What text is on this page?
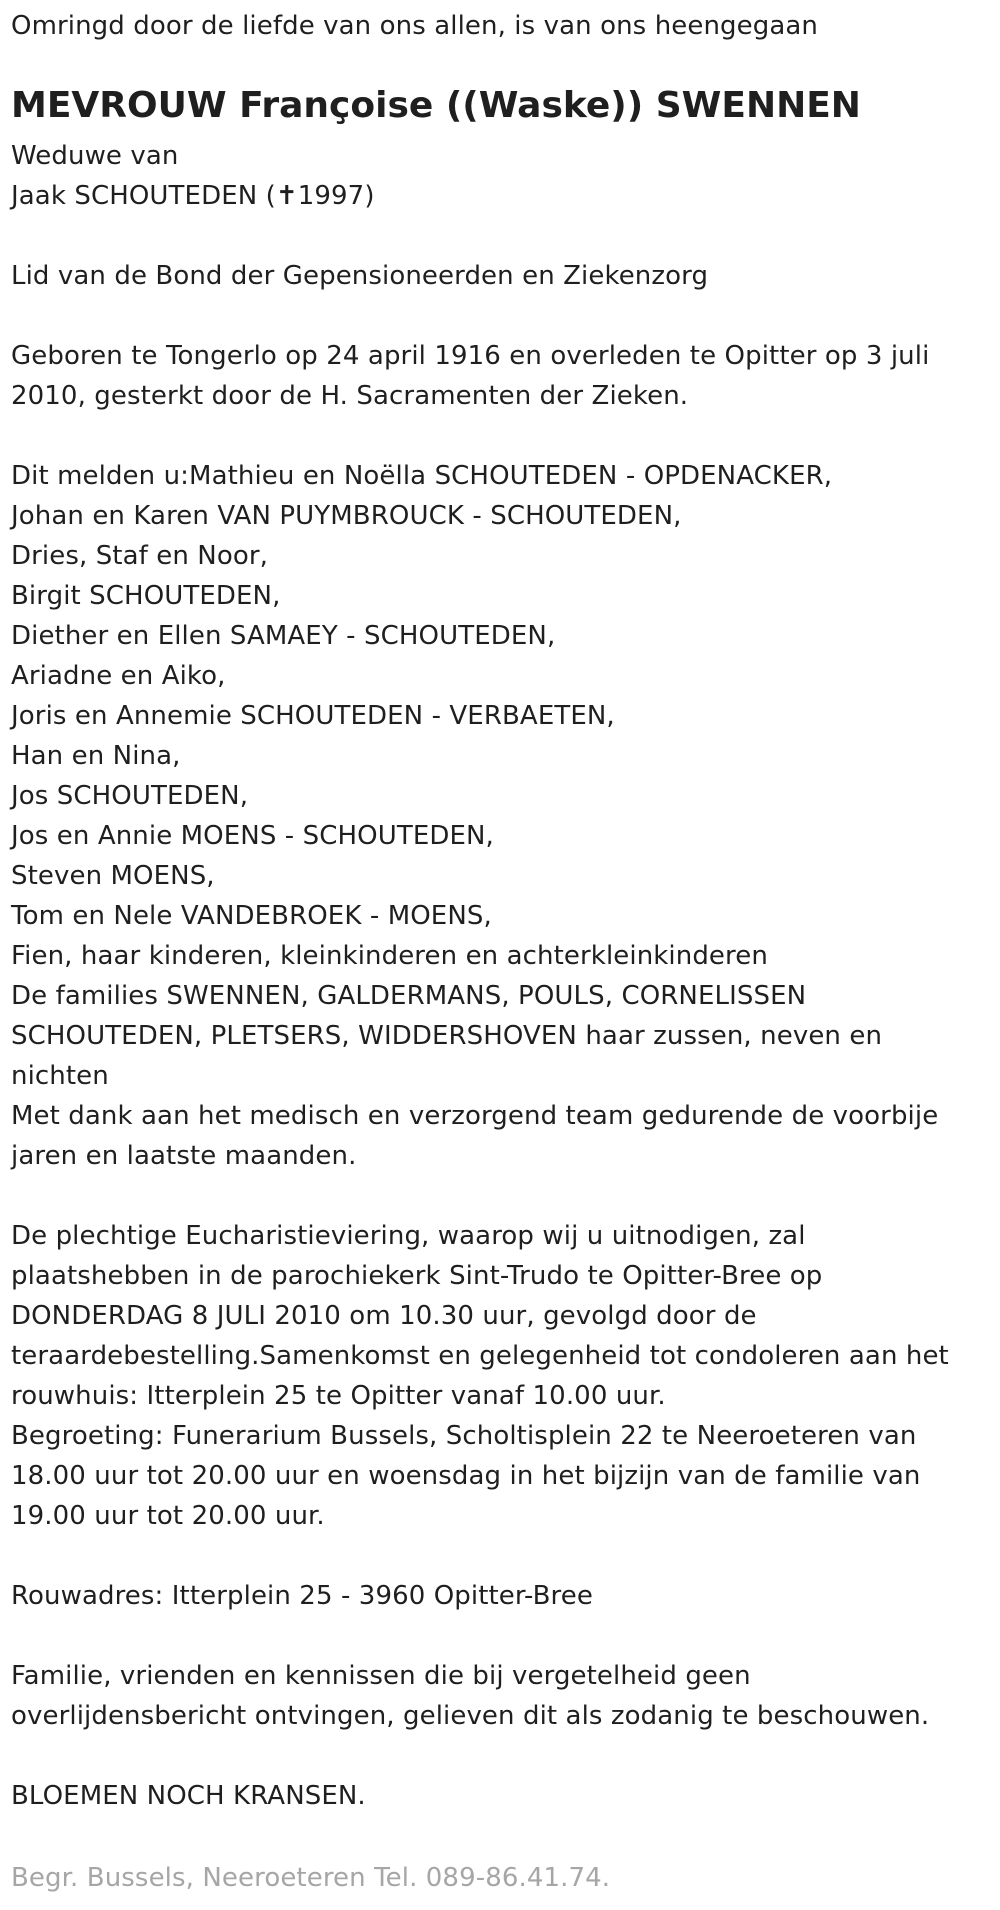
Omringd door de liefde van ons allen, is van ons heengegaan
MEVROUW Françoise ((Waske)) SWENNEN
Weduwe van
Jaak SCHOUTEDEN (✝1997)
Lid van de Bond der Gepensioneerden en Ziekenzorg
Geboren te Tongerlo op 24 april 1916 en overleden te Opitter op 3 juli
2010, gesterkt door de H. Sacramenten der Zieken.
Dit melden u:Mathieu en Noëlla SCHOUTEDEN - OPDENACKER,
Johan en Karen VAN PUYMBROUCK - SCHOUTEDEN,
Dries, Staf en Noor,
Birgit SCHOUTEDEN,
Diether en Ellen SAMAEY - SCHOUTEDEN,
Ariadne en Aiko,
Joris en Annemie SCHOUTEDEN - VERBAETEN,
Han en Nina,
Jos SCHOUTEDEN,
Jos en Annie MOENS - SCHOUTEDEN,
Steven MOENS,
Tom en Nele VANDEBROEK - MOENS,
Fien, haar kinderen, kleinkinderen en achterkleinkinderen
De families SWENNEN, GALDERMANS, POULS, CORNELISSEN
SCHOUTEDEN, PLETSERS, WIDDERSHOVEN haar zussen, neven en
nichten
Met dank aan het medisch en verzorgend team gedurende de voorbije
jaren en laatste maanden.
De plechtige Eucharistieviering, waarop wij u uitnodigen, zal
plaatshebben in de parochiekerk Sint-Trudo te Opitter-Bree op
DONDERDAG 8 JULI 2010 om 10.30 uur, gevolgd door de
teraardebestelling.Samenkomst en gelegenheid tot condoleren aan het
rouwhuis: Itterplein 25 te Opitter vanaf 10.00 uur.
Begroeting: Funerarium Bussels, Scholtisplein 22 te Neeroeteren van
18.00 uur tot 20.00 uur en woensdag in het bijzijn van de familie van
19.00 uur tot 20.00 uur.
Rouwadres: Itterplein 25 - 3960 Opitter-Bree
Familie, vrienden en kennissen die bij vergetelheid geen
overlijdensbericht ontvingen, gelieven dit als zodanig te beschouwen.
BLOEMEN NOCH KRANSEN.
Begr. Bussels, Neeroeteren Tel. 089-86.41.74.
